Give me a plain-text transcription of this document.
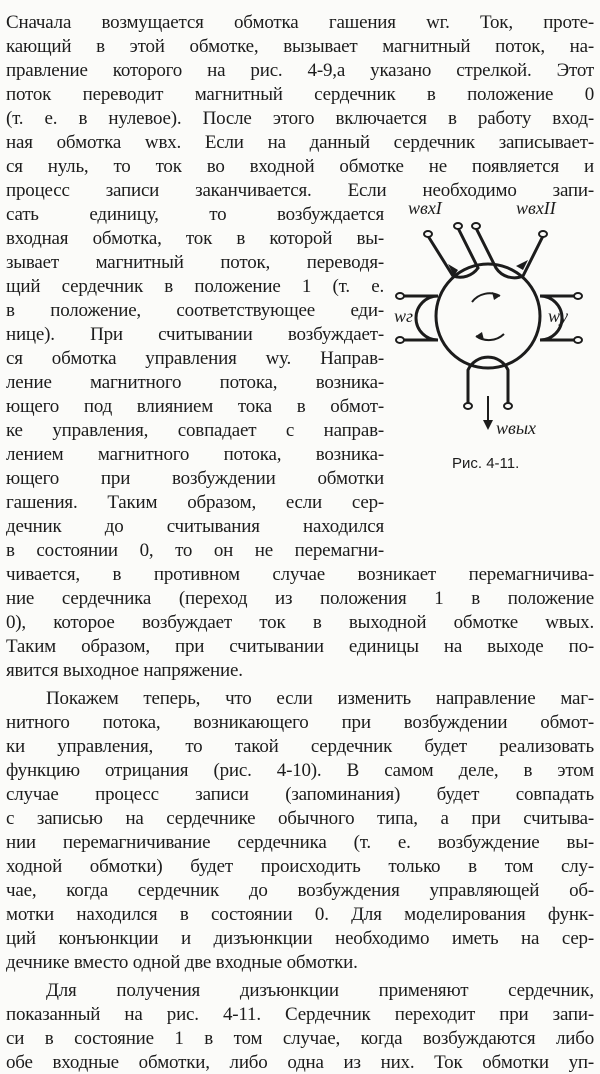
Сначала возмущается обмотка гашения wг. Ток, проте-
кающий в этой обмотке, вызывает магнитный поток, на-
правление которого на рис. 4-9,а указано стрелкой. Этот
поток переводит магнитный сердечник в положение 0
(т. е. в нулевое). После этого включается в работу вход-
ная обмотка wвх. Если на данный сердечник записывает-
ся нуль, то ток во входной обмотке не появляется и
процесс записи заканчивается. Если необходимо запи-
сать единицу, то возбуждается
входная обмотка, ток в которой вы-
зывает магнитный поток, переводя-
щий сердечник в положение 1 (т. е.
в положение, соответствующее еди-
нице). При считывании возбуждает-
ся обмотка управления wу. Направ-
ление магнитного потока, возника-
ющего под влиянием тока в обмот-
ке управления, совпадает с направ-
лением магнитного потока, возника-
ющего при возбуждении обмотки
гашения. Таким образом, если сер-
дечник до считывания находился
в состоянии 0, то он не перемагни-
чивается, в противном случае возникает перемагничива-
ние сердечника (переход из положения 1 в положение
0), которое возбуждает ток в выходной обмотке wвых.
Таким образом, при считывании единицы на выходе по-
явится выходное напряжение.
Покажем теперь, что если изменить направление маг-
нитного потока, возникающего при возбуждении обмот-
ки управления, то такой сердечник будет реализовать
функцию отрицания (рис. 4-10). В самом деле, в этом
случае процесс записи (запоминания) будет совпадать
с записью на сердечнике обычного типа, а при считыва-
нии перемагничивание сердечника (т. е. возбуждение вы-
ходной обмотки) будет происходить только в том слу-
чае, когда сердечник до возбуждения управляющей об-
мотки находился в состоянии 0. Для моделирования функ-
ций конъюнкции и дизъюнкции необходимо иметь на сер-
дечнике вместо одной две входные обмотки.
Для получения дизъюнкции применяют сердечник,
показанный на рис. 4-11. Сердечник переходит при запи-
си в состояние 1 в том случае, когда возбуждаются либо
обе входные обмотки, либо одна из них. Ток обмотки уп-
wвхI	wвхII
wг	wу
wвых
Рис. 4-11.
